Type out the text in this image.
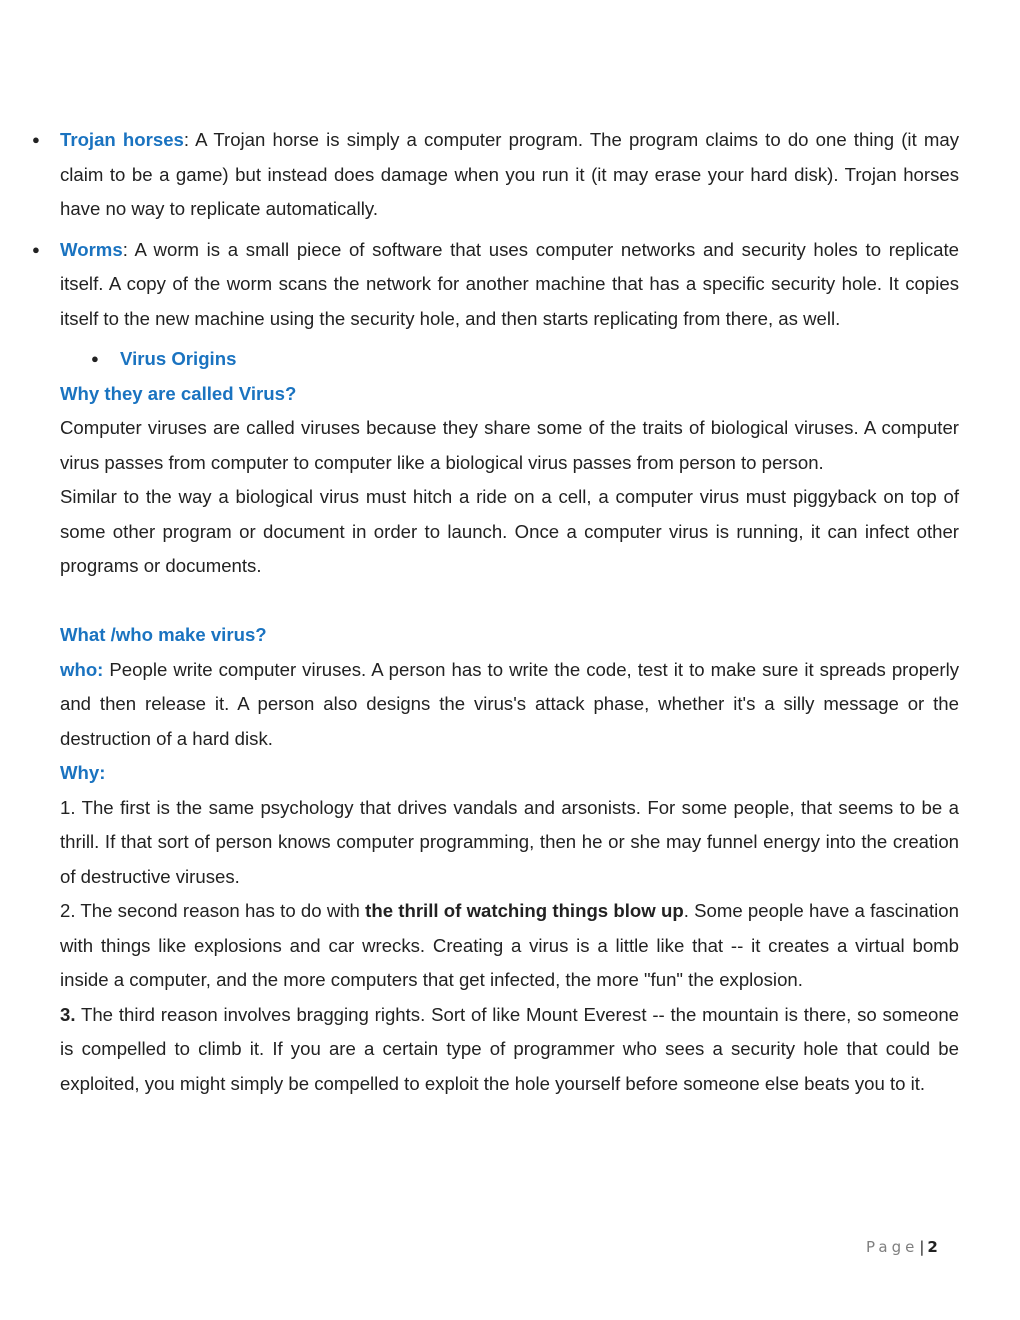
● Trojan horses: A Trojan horse is simply a computer program. The program claims to do one thing (it may claim to be a game) but instead does damage when you run it (it may erase your hard disk). Trojan horses have no way to replicate automatically.

● Worms: A worm is a small piece of software that uses computer networks and security holes to replicate itself. A copy of the worm scans the network for another machine that has a specific security hole. It copies itself to the new machine using the security hole, and then starts replicating from there, as well.

● Virus Origins

Why they are called Virus?

Computer viruses are called viruses because they share some of the traits of biological viruses. A computer virus passes from computer to computer like a biological virus passes from person to person.

Similar to the way a biological virus must hitch a ride on a cell, a computer virus must piggyback on top of some other program or document in order to launch. Once a computer virus is running, it can infect other programs or documents.

What /who make virus?

who: People write computer viruses. A person has to write the code, test it to make sure it spreads properly and then release it. A person also designs the virus's attack phase, whether it's a silly message or the destruction of a hard disk.

Why:

1. The first is the same psychology that drives vandals and arsonists. For some people, that seems to be a thrill. If that sort of person knows computer programming, then he or she may funnel energy into the creation of destructive viruses.

2. The second reason has to do with the thrill of watching things blow up. Some people have a fascination with things like explosions and car wrecks. Creating a virus is a little like that -- it creates a virtual bomb inside a computer, and the more computers that get infected, the more "fun" the explosion.

3. The third reason involves bragging rights. Sort of like Mount Everest -- the mountain is there, so someone is compelled to climb it. If you are a certain type of programmer who sees a security hole that could be exploited, you might simply be compelled to exploit the hole yourself before someone else beats you to it.

Page| 2
